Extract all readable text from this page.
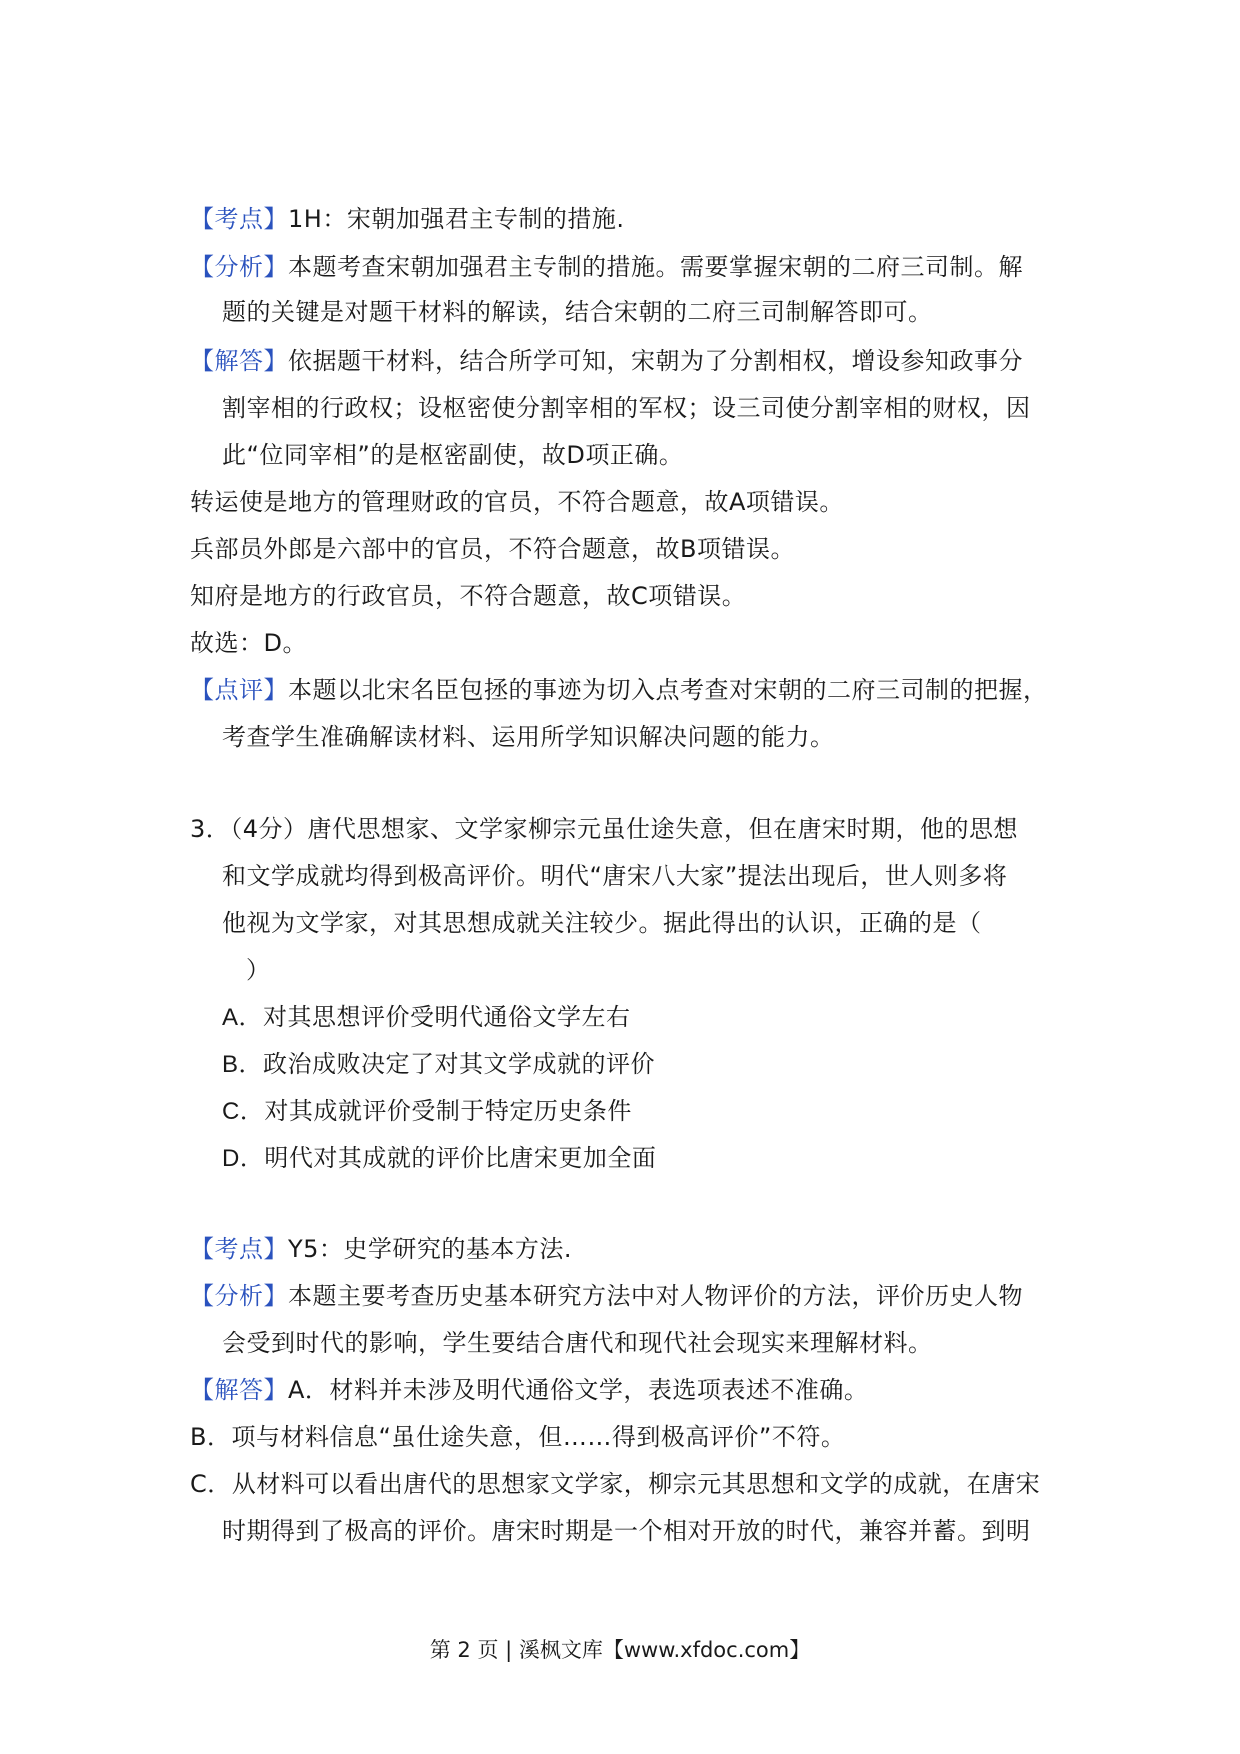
【考点】1H：宋朝加强君主专制的措施.
【分析】本题考查宋朝加强君主专制的措施。需要掌握宋朝的二府三司制。解
题的关键是对题干材料的解读，结合宋朝的二府三司制解答即可。
【解答】依据题干材料，结合所学可知，宋朝为了分割相权，增设参知政事分
割宰相的行政权；设枢密使分割宰相的军权；设三司使分割宰相的财权，因
此“位同宰相”的是枢密副使，故D项正确。
转运使是地方的管理财政的官员，不符合题意，故A项错误。
兵部员外郎是六部中的官员，不符合题意，故B项错误。
知府是地方的行政官员，不符合题意，故C项错误。
故选：D。
【点评】本题以北宋名臣包拯的事迹为切入点考查对宋朝的二府三司制的把握，
考查学生准确解读材料、运用所学知识解决问题的能力。
3．（4分）唐代思想家、文学家柳宗元虽仕途失意，但在唐宋时期，他的思想
和文学成就均得到极高评价。明代“唐宋八大家”提法出现后，世人则多将
他视为文学家，对其思想成就关注较少。据此得出的认识，正确的是（
）
A．对其思想评价受明代通俗文学左右
B．政治成败决定了对其文学成就的评价
C．对其成就评价受制于特定历史条件
D．明代对其成就的评价比唐宋更加全面
【考点】Y5：史学研究的基本方法.
【分析】本题主要考查历史基本研究方法中对人物评价的方法，评价历史人物
会受到时代的影响，学生要结合唐代和现代社会现实来理解材料。
【解答】A．材料并未涉及明代通俗文学，表选项表述不准确。
B．项与材料信息“虽仕途失意，但……得到极高评价”不符。
C．从材料可以看出唐代的思想家文学家，柳宗元其思想和文学的成就，在唐宋
时期得到了极高的评价。唐宋时期是一个相对开放的时代，兼容并蓄。到明
第 2 页 | 溪枫文库【www.xfdoc.com】
